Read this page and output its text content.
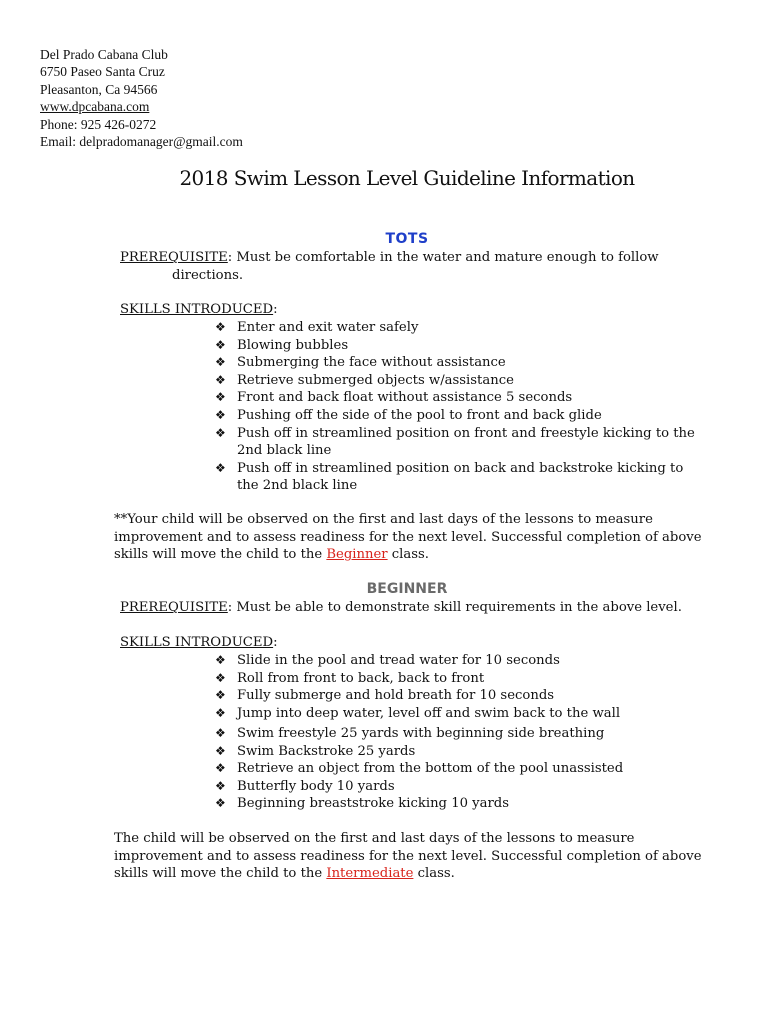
Del Prado Cabana Club
6750 Paseo Santa Cruz
Pleasanton, Ca 94566
www.dpcabana.com
Phone: 925 426-0272
Email: delpradomanager@gmail.com
2018 Swim Lesson Level Guideline Information
TOTS
PREREQUISITE: Must be comfortable in the water and mature enough to follow
directions.
SKILLS INTRODUCED:
❖ Enter and exit water safely
❖ Blowing bubbles
❖ Submerging the face without assistance
❖ Retrieve submerged objects w/assistance
❖ Front and back float without assistance 5 seconds
❖ Pushing off the side of the pool to front and back glide
❖ Push off in streamlined position on front and freestyle kicking to the 2nd black line
❖ Push off in streamlined position on back and backstroke kicking to the 2nd black line
**Your child will be observed on the first and last days of the lessons to measure improvement and to assess readiness for the next level. Successful completion of above skills will move the child to the Beginner class.
BEGINNER
PREREQUISITE: Must be able to demonstrate skill requirements in the above level.
SKILLS INTRODUCED:
❖ Slide in the pool and tread water for 10 seconds
❖ Roll from front to back, back to front
❖ Fully submerge and hold breath for 10 seconds
❖ Jump into deep water, level off and swim back to the wall
❖ Swim freestyle 25 yards with beginning side breathing
❖ Swim Backstroke 25 yards
❖ Retrieve an object from the bottom of the pool unassisted
❖ Butterfly body 10 yards
❖ Beginning breaststroke kicking 10 yards
The child will be observed on the first and last days of the lessons to measure improvement and to assess readiness for the next level. Successful completion of above skills will move the child to the Intermediate class.
